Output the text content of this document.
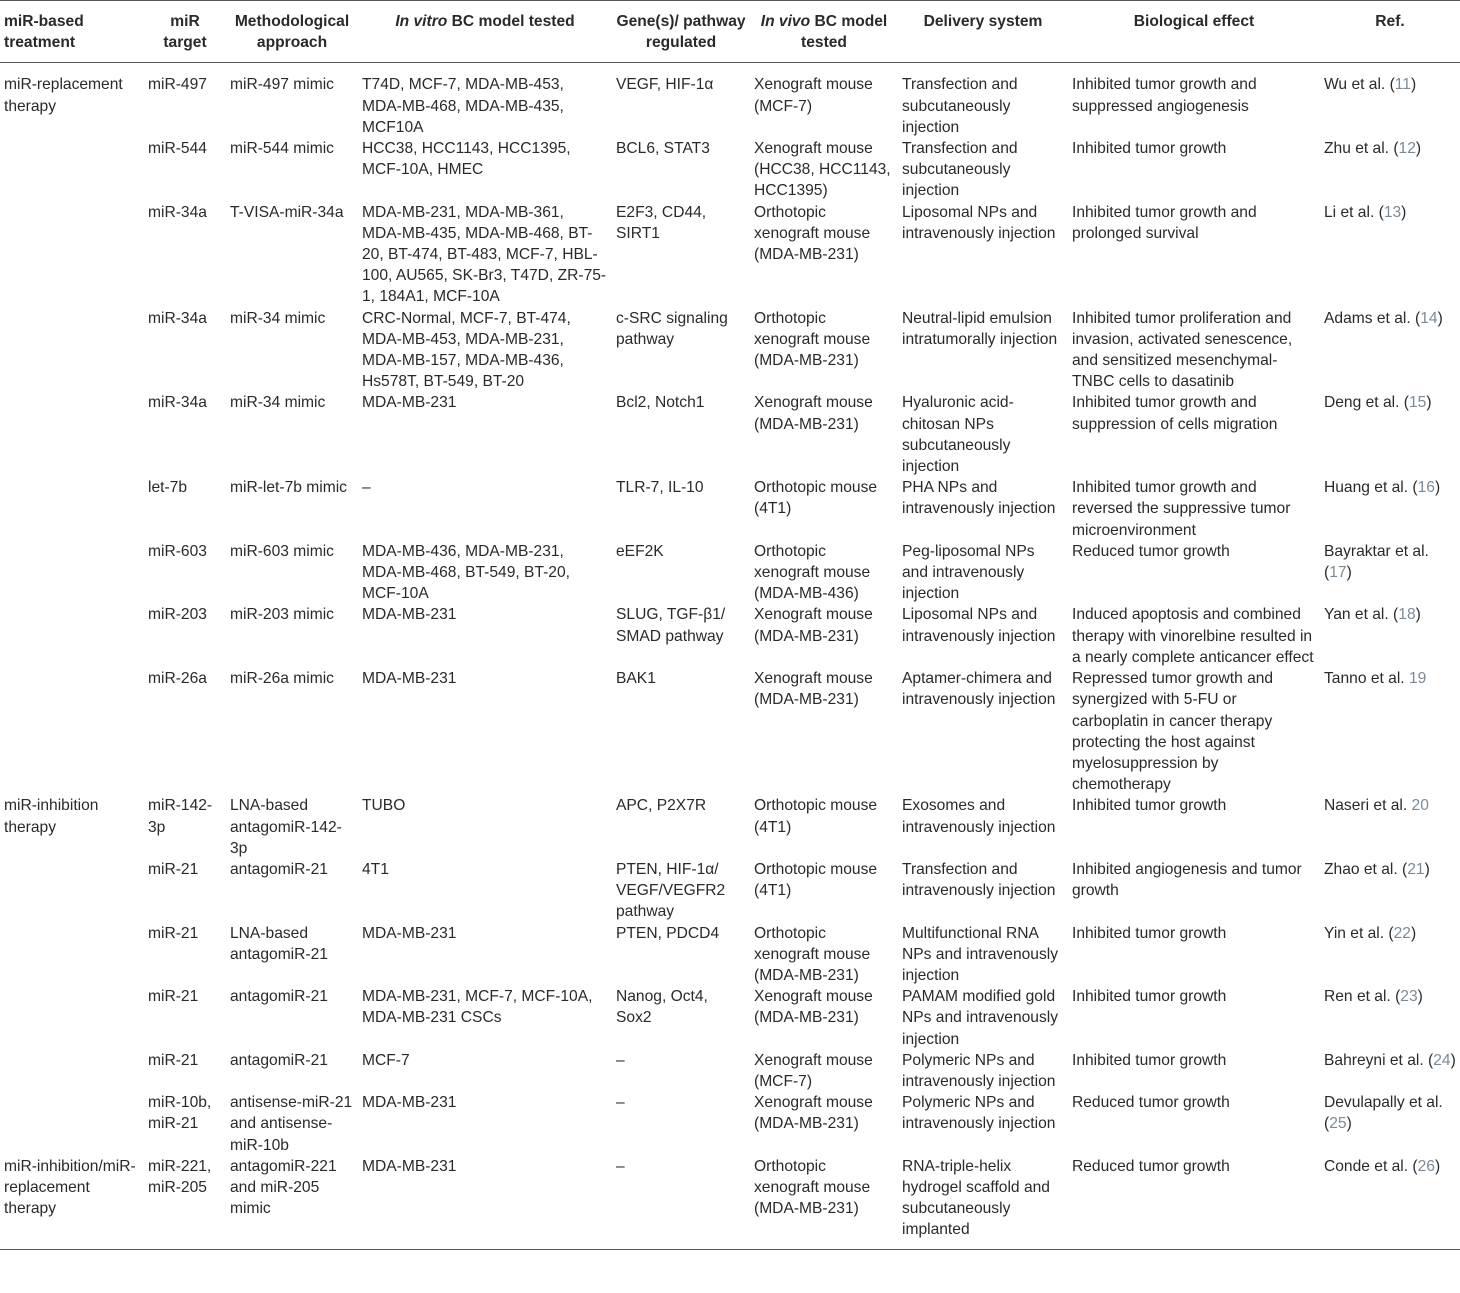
miR-based treatment	miR target	Methodological approach	In vitro BC model tested	Gene(s)/ pathway regulated	In vivo BC model tested	Delivery system	Biological effect	Ref.
miR-replacement therapy	miR-497	miR-497 mimic	T74D, MCF-7, MDA-MB-453, MDA-MB-468, MDA-MB-435, MCF10A	VEGF, HIF-1α	Xenograft mouse (MCF-7)	Transfection and subcutaneously injection	Inhibited tumor growth and suppressed angiogenesis	Wu et al. (11)
	miR-544	miR-544 mimic	HCC38, HCC1143, HCC1395, MCF-10A, HMEC	BCL6, STAT3	Xenograft mouse (HCC38, HCC1143, HCC1395)	Transfection and subcutaneously injection	Inhibited tumor growth	Zhu et al. (12)
	miR-34a	T-VISA-miR-34a	MDA-MB-231, MDA-MB-361, MDA-MB-435, MDA-MB-468, BT-20, BT-474, BT-483, MCF-7, HBL-100, AU565, SK-Br3, T47D, ZR-75-1, 184A1, MCF-10A	E2F3, CD44, SIRT1	Orthotopic xenograft mouse (MDA-MB-231)	Liposomal NPs and intravenously injection	Inhibited tumor growth and prolonged survival	Li et al. (13)
	miR-34a	miR-34 mimic	CRC-Normal, MCF-7, BT-474, MDA-MB-453, MDA-MB-231, MDA-MB-157, MDA-MB-436, Hs578T, BT-549, BT-20	c-SRC signaling pathway	Orthotopic xenograft mouse (MDA-MB-231)	Neutral-lipid emulsion intratumorally injection	Inhibited tumor proliferation and invasion, activated senescence, and sensitized mesenchymal-TNBC cells to dasatinib	Adams et al. (14)
	miR-34a	miR-34 mimic	MDA-MB-231	Bcl2, Notch1	Xenograft mouse (MDA-MB-231)	Hyaluronic acid-chitosan NPs subcutaneously injection	Inhibited tumor growth and suppression of cells migration	Deng et al. (15)
	let-7b	miR-let-7b mimic	–	TLR-7, IL-10	Orthotopic mouse (4T1)	PHA NPs and intravenously injection	Inhibited tumor growth and reversed the suppressive tumor microenvironment	Huang et al. (16)
	miR-603	miR-603 mimic	MDA-MB-436, MDA-MB-231, MDA-MB-468, BT-549, BT-20, MCF-10A	eEF2K	Orthotopic xenograft mouse (MDA-MB-436)	Peg-liposomal NPs and intravenously injection	Reduced tumor growth	Bayraktar et al. (17)
	miR-203	miR-203 mimic	MDA-MB-231	SLUG, TGF-β1/ SMAD pathway	Xenograft mouse (MDA-MB-231)	Liposomal NPs and intravenously injection	Induced apoptosis and combined therapy with vinorelbine resulted in a nearly complete anticancer effect	Yan et al. (18)
	miR-26a	miR-26a mimic	MDA-MB-231	BAK1	Xenograft mouse (MDA-MB-231)	Aptamer-chimera and intravenously injection	Repressed tumor growth and synergized with 5-FU or carboplatin in cancer therapy protecting the host against myelosuppression by chemotherapy	Tanno et al. 19
miR-inhibition therapy	miR-142-3p	LNA-based antagomiR-142-3p	TUBO	APC, P2X7R	Orthotopic mouse (4T1)	Exosomes and intravenously injection	Inhibited tumor growth	Naseri et al. 20
	miR-21	antagomiR-21	4T1	PTEN, HIF-1α/ VEGF/VEGFR2 pathway	Orthotopic mouse (4T1)	Transfection and intravenously injection	Inhibited angiogenesis and tumor growth	Zhao et al. (21)
	miR-21	LNA-based antagomiR-21	MDA-MB-231	PTEN, PDCD4	Orthotopic xenograft mouse (MDA-MB-231)	Multifunctional RNA NPs and intravenously injection	Inhibited tumor growth	Yin et al. (22)
	miR-21	antagomiR-21	MDA-MB-231, MCF-7, MCF-10A, MDA-MB-231 CSCs	Nanog, Oct4, Sox2	Xenograft mouse (MDA-MB-231)	PAMAM modified gold NPs and intravenously injection	Inhibited tumor growth	Ren et al. (23)
	miR-21	antagomiR-21	MCF-7	–	Xenograft mouse (MCF-7)	Polymeric NPs and intravenously injection	Inhibited tumor growth	Bahreyni et al. (24)
	miR-10b, miR-21	antisense-miR-21 and antisense-miR-10b	MDA-MB-231	–	Xenograft mouse (MDA-MB-231)	Polymeric NPs and intravenously injection	Reduced tumor growth	Devulapally et al. (25)
miR-inhibition/miR-replacement therapy	miR-221, miR-205	antagomiR-221 and miR-205 mimic	MDA-MB-231	–	Orthotopic xenograft mouse (MDA-MB-231)	RNA-triple-helix hydrogel scaffold and subcutaneously implanted	Reduced tumor growth	Conde et al. (26)
